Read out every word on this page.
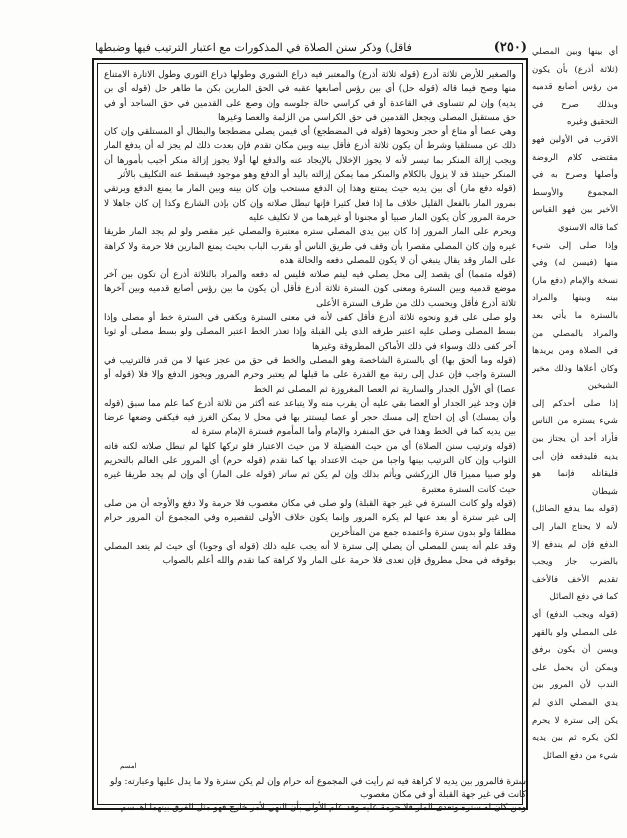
(٢٥٠)
فاقل) وذكر سنن الصلاة في المذكورات مع اعتبار الترتيب فيها وضبطها

والصغير للأرض ثلاثة أذرع (قوله ثلاثة أذرع) والمعتبر فيه ذراع الشوري وطولها ذراع الثوري وطول الاتارة الامتناع منها وصح فيما قاله (قوله حل) أي بين رؤس أصابعها عقبه في الحق المارين بكن ما طاهر حل (قوله أي بن يديه) وإن لم تتساوى في القاعدة أو في كراسي حالة جلوسه وإن وصع على القدمين في حق الساجد أو في حق مستقبل المصلى ويجعل القدمين في حق الكراسي من الزلمة والعصا وغيرها

وهي عصا أو متاع أو حجر ونحوها (قوله في المضطجع) أي فيمن يصلي مضطجعا والبطال أو المستلقي وإن كان ذلك عن مستلقيا وشرط أن يكون ثلاثة أذرع فأقل بينه وبين مكان تقدم فإن بعدت ذلك لم يجز له أن يدفع المار ويجب إزالة المنكر بما تيسر لأنه لا يجوز الإخلال بالإيجاد عنه والدفع لها أولا يجوز إزالة منكر أجيب بأمورها أن المنكر حينئذ قد لا يزول بالكلام والمنكر مما يمكن إزالته باليد أو الدفع وهو موجود فيسقط عنه التكليف بالأثر

(قوله دفع مار) أي بين يديه حيث يمتنع وهذا إن الدفع مستحب وإن كان بينه وبين المار ما يمنع الدفع ويرتقي بمرور المار بالفعل القليل خلاف ما إذا فعل كثيرا فإنها تبطل صلاته وإن كان بإذن الشارع وكذا إن كان جاهلا لا حرمة المرور كأن يكون المار صبيا أو مجنونا أو غيرهما من لا تكليف عليه

ويحرم على المار المرور إذا كان بين يدي المصلي ستره معتبرة والمصلي غير مقصر ولو لم يجد المار طريقا غيره وإن كان المصلي مقصرا بأن وقف في طريق الناس أو بقرب الباب بحيث يمنع المارين فلا حرمة ولا كراهة على المار وقد يقال ينبغي أن لا يكون للمصلي دفعه والحالة هذه

(قوله متمما) أي يقصد إلى محل يصلي فيه ليتم صلاته فليس له دفعه والمراد بالثلاثة أذرع أن تكون بين آخر موضع قدميه وبين السترة ومعنى كون السترة ثلاثة أذرع فأقل أن يكون ما بين رؤس أصابع قدميه وبين آخرها ثلاثة أذرع فأقل ويحسب ذلك من طرف السترة الأعلى

ولو صلى على فرو ونحوه ثلاثة أذرع فأقل كفى لأنه في معنى السترة ويكفي في السترة خط أو مصلى وإذا بسط المصلى وصلى عليه اعتبر طرفه الذي يلي القبلة وإذا تعذر الخط اعتبر المصلى ولو بسط مصلى أو ثوبا آخر كفى ذلك وسواء في ذلك الأماكن المطروقة وغيرها

(قوله وما ألحق بها) أي بالسترة الشاخصة وهو المصلى والخط في حق من عجز عنها لا من قدر فالترتيب في السترة واجب فإن عدل إلى رتبة مع القدرة على ما قبلها لم يعتبر وحرم المرور ويجوز الدفع وإلا فلا (قوله أو عصا) أي الأول الجدار والسارية ثم العصا المغروزة ثم المصلى ثم الخط

فإن وجد غير الجدار أو العصا بقي عليه أن يقرب منه ولا يتباعد عنه أكثر من ثلاثة أذرع كما علم مما سبق (قوله وأن يمسك) أي إن احتاج إلى مسك حجر أو عصا ليستتر بها في محل لا يمكن الغرز فيه فيكفي وضعها عرضا بين يديه كما في الخط وهذا في حق المنفرد والإمام وأما المأموم فسترة الإمام سترة له

(قوله وترتيب سنن الصلاة) أي من حيث الفضيلة لا من حيث الاعتبار فلو تركها كلها لم تبطل صلاته لكنه فاته الثواب وإن كان الترتيب بينها واجبا من حيث الاعتداد بها كما تقدم (قوله حرم) أي المرور على العالم بالتحريم ولو صبيا مميزا قال الزركشي ويأثم بذلك وإن لم يكن ثم ساتر (قوله على المار) أي وإن لم يجد طريقا غيره حيث كانت السترة معتبرة

(قوله ولو كانت السترة في غير جهة القبلة) ولو صلى في مكان مغصوب فلا حرمة ولا دفع والأوجه أن من صلى إلى غير سترة أو بعد عنها لم يكره المرور وإنما يكون خلاف الأولى لتقصيره وفي المجموع أن المرور حرام مطلقا ولو بدون سترة واعتمده جمع من المتأخرين

وقد علم أنه يسن للمصلي أن يصلي إلى سترة لا أنه يجب عليه ذلك (قوله أي وجوبا) أي حيث لم يتعد المصلي بوقوفه في محل مطروق فإن تعدى فلا حرمة على المار ولا كراهة كما تقدم والله أعلم بالصواب

أي بينها وبين المصلي (ثلاثة أذرع) بأن يكون من رؤس أصابع قدميه وبذلك صرح في التحقيق وغيره

الاقرب في الأولين فهو مقتضى كلام الروضة وأصلها وصرح به في المجموع والأوسط الأخير بين فهو القياس كما قاله الاسنوي

وإذا صلى إلى شيء منها (فيسن له) وفي نسخة والإمام (دفع مار) بينه وبينها والمراد بالسترة ما يأتي بعد والمراد بالمصلي من في الصلاة ومن يريدها وكان أعلاها وذلك مخير الشيخين

إذا صلى أحدكم إلى شيء يستره من الناس فأراد أحد أن يجتاز بين يديه فليدفعه فإن أبى فليقاتله فإنما هو شيطان

(قوله بما يدفع الصائل) لأنه لا يحتاج المار إلى الدفع فإن لم يندفع إلا بالضرب جاز ويجب تقديم الأخف فالأخف كما في دفع الصائل

(قوله ويجب الدفع) أي على المصلي ولو بالقهر ويسن أن يكون برفق ويمكن أن يحمل على الندب لأن المرور بين يدي المصلي الذي لم يكن إلى سترة لا يحرم لكن يكره ثم بين يديه شيء من دفع الصائل

امسم

سترة فالمرور بين يديه لا كراهة فيه ثم رأيت في المجموع أنه حرام وإن لم يكن سترة ولا ما يدل عليها وعبارته: ولو كانت في غير جهة القبلة أو في مكان مغصوب

ومن كان له ستره وتعدى المار فلا حرمة عليه وقد علم الأولى بأن النهي لأمر خارج فهو مثل الفرق بينهما اهـ سم
